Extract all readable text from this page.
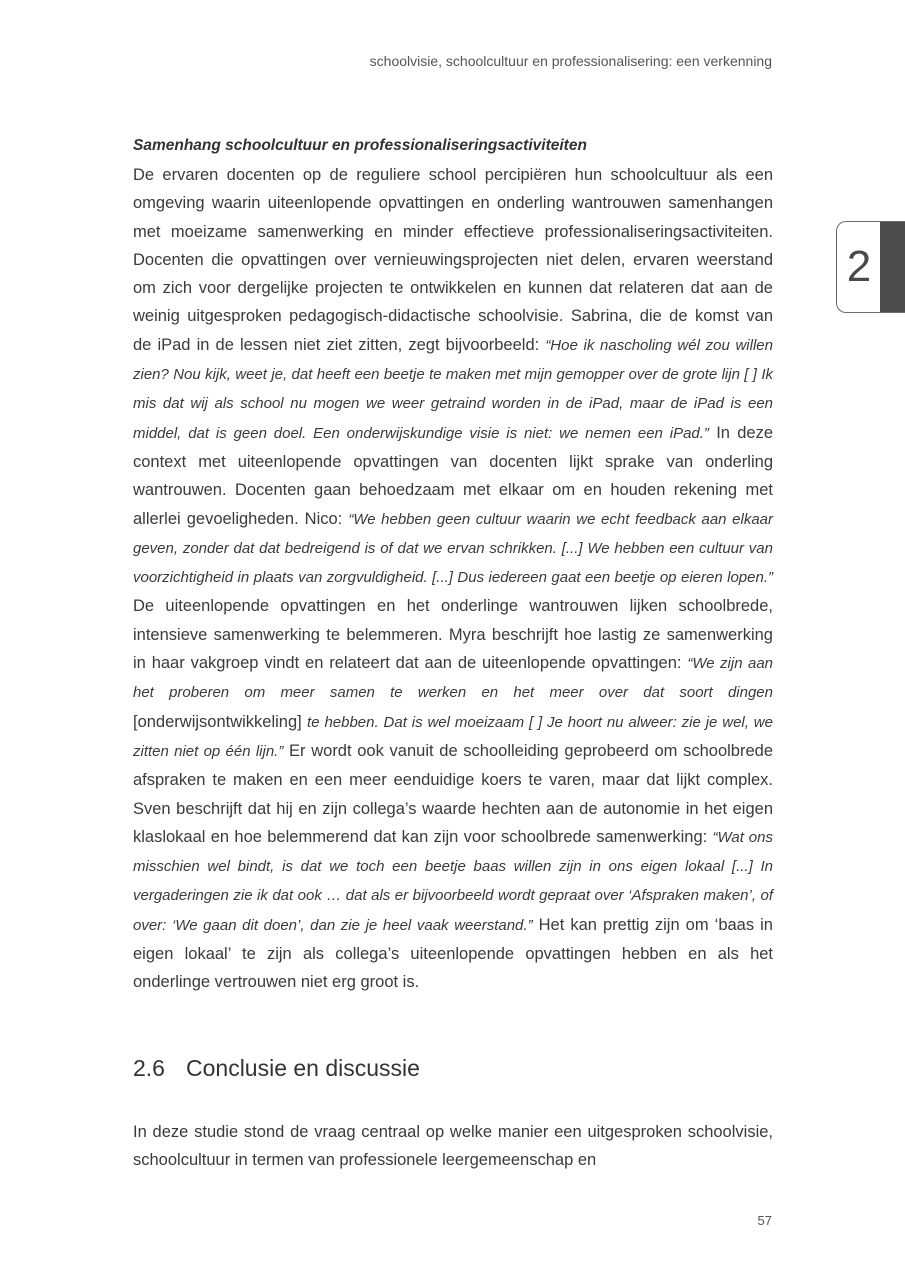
schoolvisie, schoolcultuur en professionalisering: een verkenning
2
Samenhang schoolcultuur en professionaliseringsactiviteiten

De ervaren docenten op de reguliere school percipiëren hun schoolcultuur als een omgeving waarin uiteenlopende opvattingen en onderling wantrouwen samenhangen met moeizame samenwerking en minder effectieve professionaliseringsactiviteiten. Docenten die opvattingen over vernieuwingsprojecten niet delen, ervaren weerstand om zich voor dergelijke projecten te ontwikkelen en kunnen dat relateren dat aan de weinig uitgesproken pedagogisch-didactische schoolvisie. Sabrina, die de komst van de iPad in de lessen niet ziet zitten, zegt bijvoorbeeld: “Hoe ik nascholing wél zou willen zien? Nou kijk, weet je, dat heeft een beetje te maken met mijn gemopper over de grote lijn [ ] Ik mis dat wij als school nu mogen we weer getraind worden in de iPad, maar de iPad is een middel, dat is geen doel. Een onderwijskundige visie is niet: we nemen een iPad.” In deze context met uiteenlopende opvattingen van docenten lijkt sprake van onderling wantrouwen. Docenten gaan behoedzaam met elkaar om en houden rekening met allerlei gevoeligheden. Nico: “We hebben geen cultuur waarin we echt feedback aan elkaar geven, zonder dat dat bedreigend is of dat we ervan schrikken. [...] We hebben een cultuur van voorzichtigheid in plaats van zorgvuldigheid. [...] Dus iedereen gaat een beetje op eieren lopen.” De uiteenlopende opvattingen en het onderlinge wantrouwen lijken schoolbrede, intensieve samenwerking te belemmeren. Myra beschrijft hoe lastig ze samenwerking in haar vakgroep vindt en relateert dat aan de uiteenlopende opvattingen: “We zijn aan het proberen om meer samen te werken en het meer over dat soort dingen [onderwijsontwikkeling] te hebben. Dat is wel moeizaam [ ] Je hoort nu alweer: zie je wel, we zitten niet op één lijn.” Er wordt ook vanuit de schoolleiding geprobeerd om schoolbrede afspraken te maken en een meer eenduidige koers te varen, maar dat lijkt complex. Sven beschrijft dat hij en zijn collega’s waarde hechten aan de autonomie in het eigen klaslokaal en hoe belemmerend dat kan zijn voor schoolbrede samenwerking: “Wat ons misschien wel bindt, is dat we toch een beetje baas willen zijn in ons eigen lokaal [...] In vergaderingen zie ik dat ook … dat als er bijvoorbeeld wordt gepraat over ‘Afspraken maken’, of over: ‘We gaan dit doen’, dan zie je heel vaak weerstand.” Het kan prettig zijn om ‘baas in eigen lokaal’ te zijn als collega’s uiteenlopende opvattingen hebben en als het onderlinge vertrouwen niet erg groot is.

2.6 Conclusie en discussie

In deze studie stond de vraag centraal op welke manier een uitgesproken schoolvisie, schoolcultuur in termen van professionele leergemeenschap en

57
